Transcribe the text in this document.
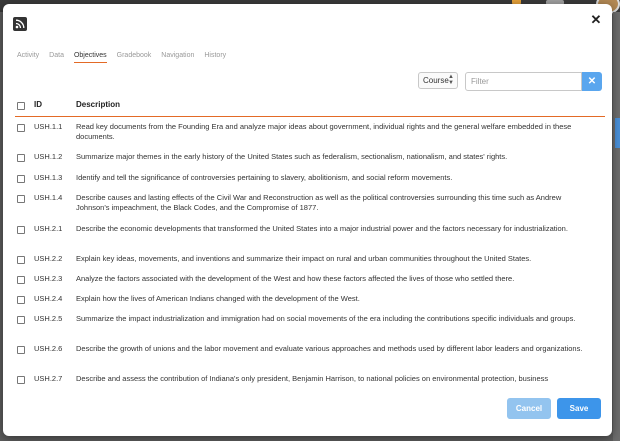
✕
Activity Data Objectives Gradebook Navigation History
Course ▲
▼
Filter	✕
ID	Description
USH.1.1 Read key documents from the Founding Era and analyze major ideas about government, individual rights and the general welfare embedded in these documents.
USH.1.2 Summarize major themes in the early history of the United States such as federalism, sectionalism, nationalism, and states' rights.
USH.1.3 Identify and tell the significance of controversies pertaining to slavery, abolitionism, and social reform movements.
USH.1.4 Describe causes and lasting effects of the Civil War and Reconstruction as well as the political controversies surrounding this time such as Andrew Johnson's impeachment, the Black Codes, and the Compromise of 1877.
USH.2.1 Describe the economic developments that transformed the United States into a major industrial power and the factors necessary for industrialization.
USH.2.2 Explain key ideas, movements, and inventions and summarize their impact on rural and urban communities throughout the United States.
USH.2.3 Analyze the factors associated with the development of the West and how these factors affected the lives of those who settled there.
USH.2.4 Explain how the lives of American Indians changed with the development of the West.
USH.2.5 Summarize the impact industrialization and immigration had on social movements of the era including the contributions specific individuals and groups.
USH.2.6 Describe the growth of unions and the labor movement and evaluate various approaches and methods used by different labor leaders and organizations.
USH.2.7 Describe and assess the contribution of Indiana's only president, Benjamin Harrison, to national policies on environmental protection, business
Cancel	Save
